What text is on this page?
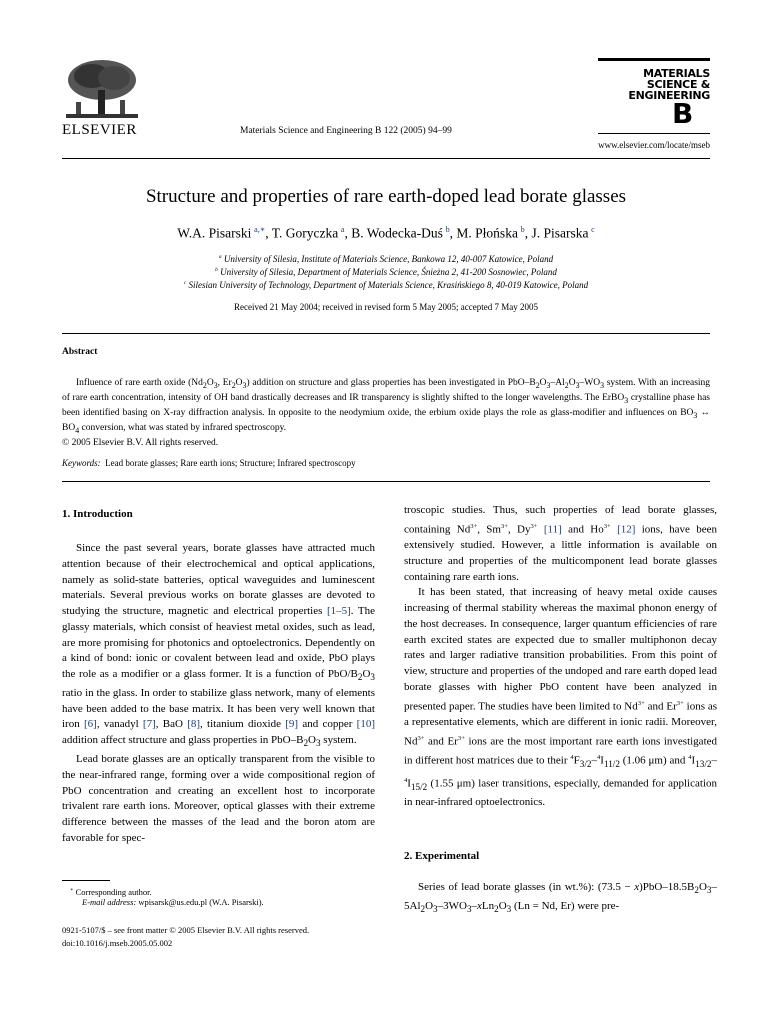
ELSEVIER	Materials Science and Engineering B 122 (2005) 94–99
MATERIALS
SCIENCE &
ENGINEERING
B
www.elsevier.com/locate/mseb
Structure and properties of rare earth-doped lead borate glasses
W.A. Pisarski  $^{a,∗}$, T. Goryczka  $^a$, B. Wodecka-Duś  $^b$, M. Płońska  $^b$, J. Pisarska  $^c$
$^a$ University of Silesia, Institute of Materials Science, Bankowa 12, 40-007 Katowice, Poland
$^b$ University of Silesia, Department of Materials Science, Śnieżna 2, 41-200 Sosnowiec, Poland
$^c$ Silesian University of Technology, Department of Materials Science, Krasińskiego 8, 40-019 Katowice, Poland
Received 21 May 2004; received in revised form 5 May 2005; accepted 7 May 2005
Abstract
Influence of rare earth oxide ($Nd_2O_3$, $Er_2O_3$) addition on structure and glass properties has been investigated in PbO–$B_2O_3-Al_2O_3-WO_3$ system. With an increasing of rare earth concentration, intensity of OH band drastically decreases and IR transparency is slightly shifted to the longer wavelengths. The ErBO$_3$ crystalline phase has been identified basing on X-ray diffraction analysis. In opposite to the neodymium oxide, the erbium oxide plays the role as glass-modifier and influences on $BO_3$ ↔ $BO_4$ conversion, what was stated by infrared spectroscopy.
© 2005 Elsevier B.V. All rights reserved.
Keywords: Lead borate glasses; Rare earth ions; Structure; Infrared spectroscopy
1. Introduction

Since the past several years, borate glasses have attracted much attention because of their electrochemical and optical applications, namely as solid-state batteries, optical waveguides and luminescent materials. Several previous works on borate glasses are devoted to studying the structure, magnetic and electrical properties [1–5]. The glassy materials, which consist of heaviest metal oxides, such as lead, are more promising for photonics and optoelectronics. Dependently on a kind of bond: ionic or covalent between lead and oxide, PbO plays the role as a modifier or a glass former. It is a function of PbO/$B_2O_3$ ratio in the glass. In order to stabilize glass network, many of elements have been added to the base matrix. It has been very well known that iron [6], vanadyl [7], BaO [8], titanium dioxide [9] and copper [10] addition affect structure and glass properties in PbO–$B_2O_3$ system.

Lead borate glasses are an optically transparent from the visible to the near-infrared range, forming over a wide compositional region of PbO concentration and creating an excellent host to incorporate trivalent rare earth ions. Moreover, optical glasses with their extreme difference between the masses of the lead and the boron atom are favorable for spec-

∗ Corresponding author.
E-mail address: wpisarsk@us.edu.pl (W.A. Pisarski).
0921-5107/$ – see front matter © 2005 Elsevier B.V. All rights reserved.
doi:10.1016/j.mseb.2005.05.002

troscopic studies. Thus, such properties of lead borate glasses, containing $Nd^{3+}$, $Sm^{3+}$, $Dy^{3+}$ [11] and $Ho^{3+}$ [12] ions, have been extensively studied. However, a little information is available on structure and properties of the multicomponent lead borate glasses containing rare earth ions.

It has been stated, that increasing of heavy metal oxide causes increasing of thermal stability whereas the maximal phonon energy of the host decreases. In consequence, larger quantum efficiencies of rare earth excited states are expected due to smaller multiphonon decay rates and larger radiative transition probabilities. From this point of view, structure and properties of the undoped and rare earth doped lead borate glasses with higher PbO content have been analyzed in presented paper. The studies have been limited to $Nd^{3+}$ and $Er^{3+}$ ions as a representative elements, which are different in ionic radii. Moreover, $Nd^{3+}$ and $Er^{3+}$ ions are the most important rare earth ions investigated in different host matrices due to their $^4F_{3/2}-^4I_{11/2}$ (1.06 μm) and $^4I_{13/2}-^4I_{15/2}$ (1.55 μm) laser transitions, especially, demanded for application in near-infrared optoelectronics.

2. Experimental

Series of lead borate glasses (in wt.%): $(73.5 - x)PbO-18.5B_2O_3-5Al_2O_3-3WO_3-xLn_2O_3$ (Ln = Nd, Er) were pre-
